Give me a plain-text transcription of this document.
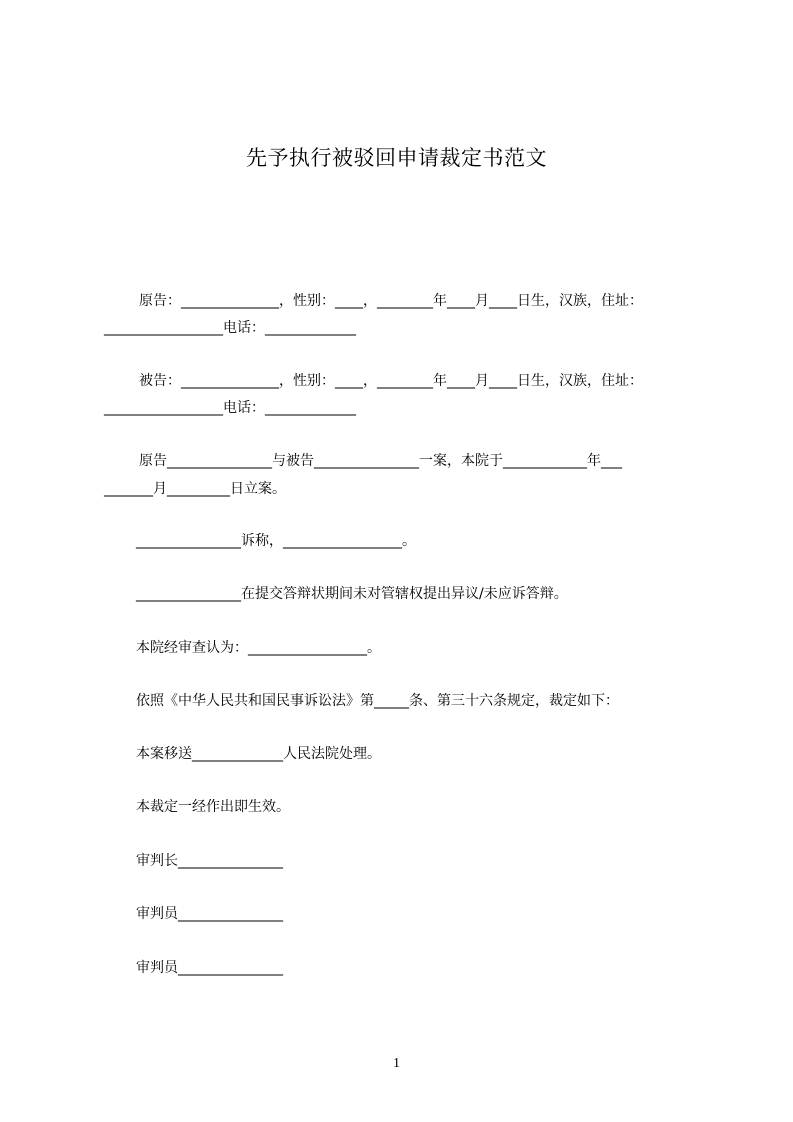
先予执行被驳回申请裁定书范文
原告：______________，性别：____，________年____月____日生，汉族，住址：
_________________电话：_____________
被告：______________，性别：____，________年____月____日生，汉族，住址：
_________________电话：_____________
原告_______________与被告_______________一案，本院于____________年___
_______月_________日立案。
_______________诉称，_________________。
_______________在提交答辩状期间未对管辖权提出异议/未应诉答辩。
本院经审查认为：_________________。
依照《中华人民共和国民事诉讼法》第_____条、第三十六条规定，裁定如下：
本案移送_____________人民法院处理。
本裁定一经作出即生效。
审判长_______________
审判员_______________
审判员_______________
1
